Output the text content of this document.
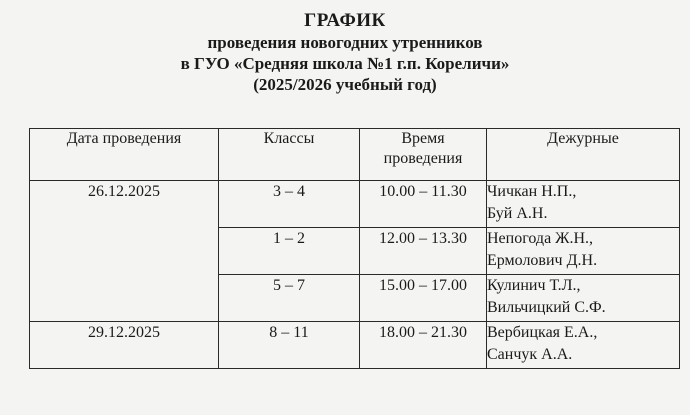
ГРАФИК
проведения новогодних утренников
в ГУО «Средняя школа №1 г.п. Кореличи»
(2025/2026 учебный год)
Дата проведения	Классы	Время проведения	Дежурные
26.12.2025	3 – 4	10.00 – 11.30	Чичкан Н.П.,
Буй А.Н.

	1 – 2	12.00 – 13.30	Непогода Ж.Н.,
Ермолович Д.Н.

	5 – 7	15.00 – 17.00	Кулинич Т.Л.,
Вильчицкий С.Ф.

29.12.2025	8 – 11	18.00 – 21.30	Вербицкая Е.А.,
Санчук А.А.
